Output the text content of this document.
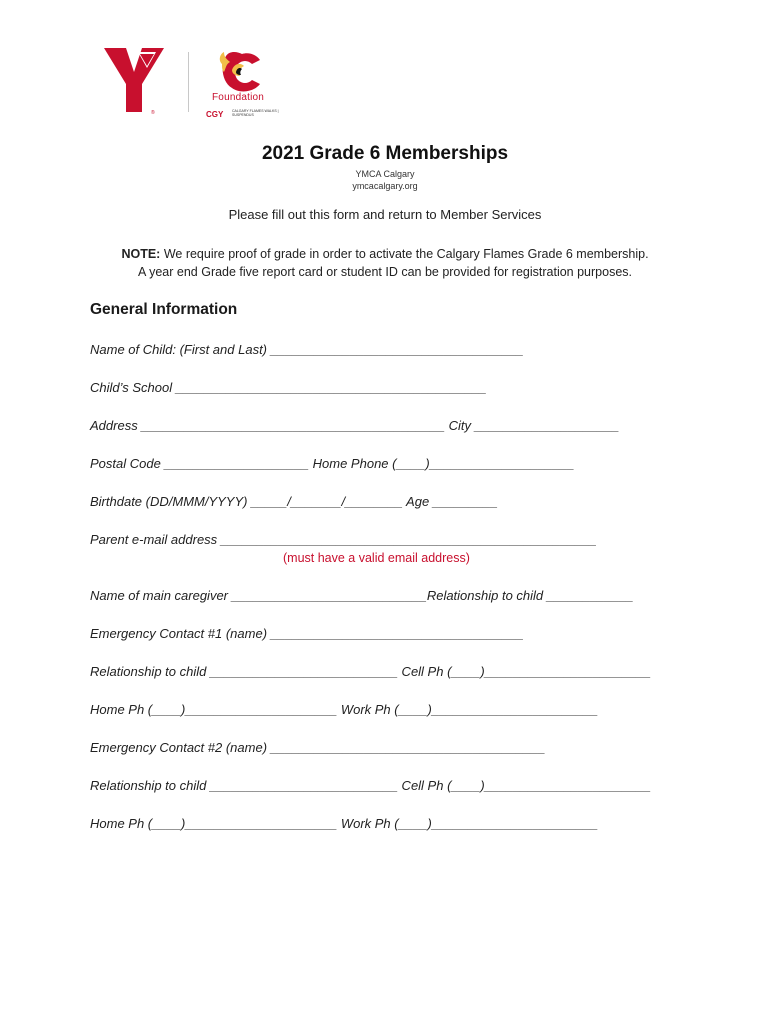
®
Foundation
CGY CALGARY FLAMES WALKS | SUSPENDUS
2021 Grade 6 Memberships
YMCA Calgary
ymcacalgary.org
Please fill out this form and return to Member Services
NOTE: We require proof of grade in order to activate the Calgary Flames Grade 6 membership.
A year end Grade five report card or student ID can be provided for registration purposes.
General Information
Name of Child: (First and Last) ___________________________________
Child’s School ___________________________________________
Address __________________________________________ City ____________________
Postal Code ____________________ Home Phone (____)____________________
Birthdate (DD/MMM/YYYY) _____/_______/________ Age _________
Parent e-mail address ____________________________________________________
(must have a valid email address)
Name of main caregiver ___________________________Relationship to child ____________
Emergency Contact #1 (name) ___________________________________
Relationship to child __________________________ Cell Ph (____)_______________________
Home Ph (____)_____________________ Work Ph (____)_______________________
Emergency Contact #2 (name) ______________________________________
Relationship to child __________________________ Cell Ph (____)_______________________
Home Ph (____)_____________________ Work Ph (____)_______________________
